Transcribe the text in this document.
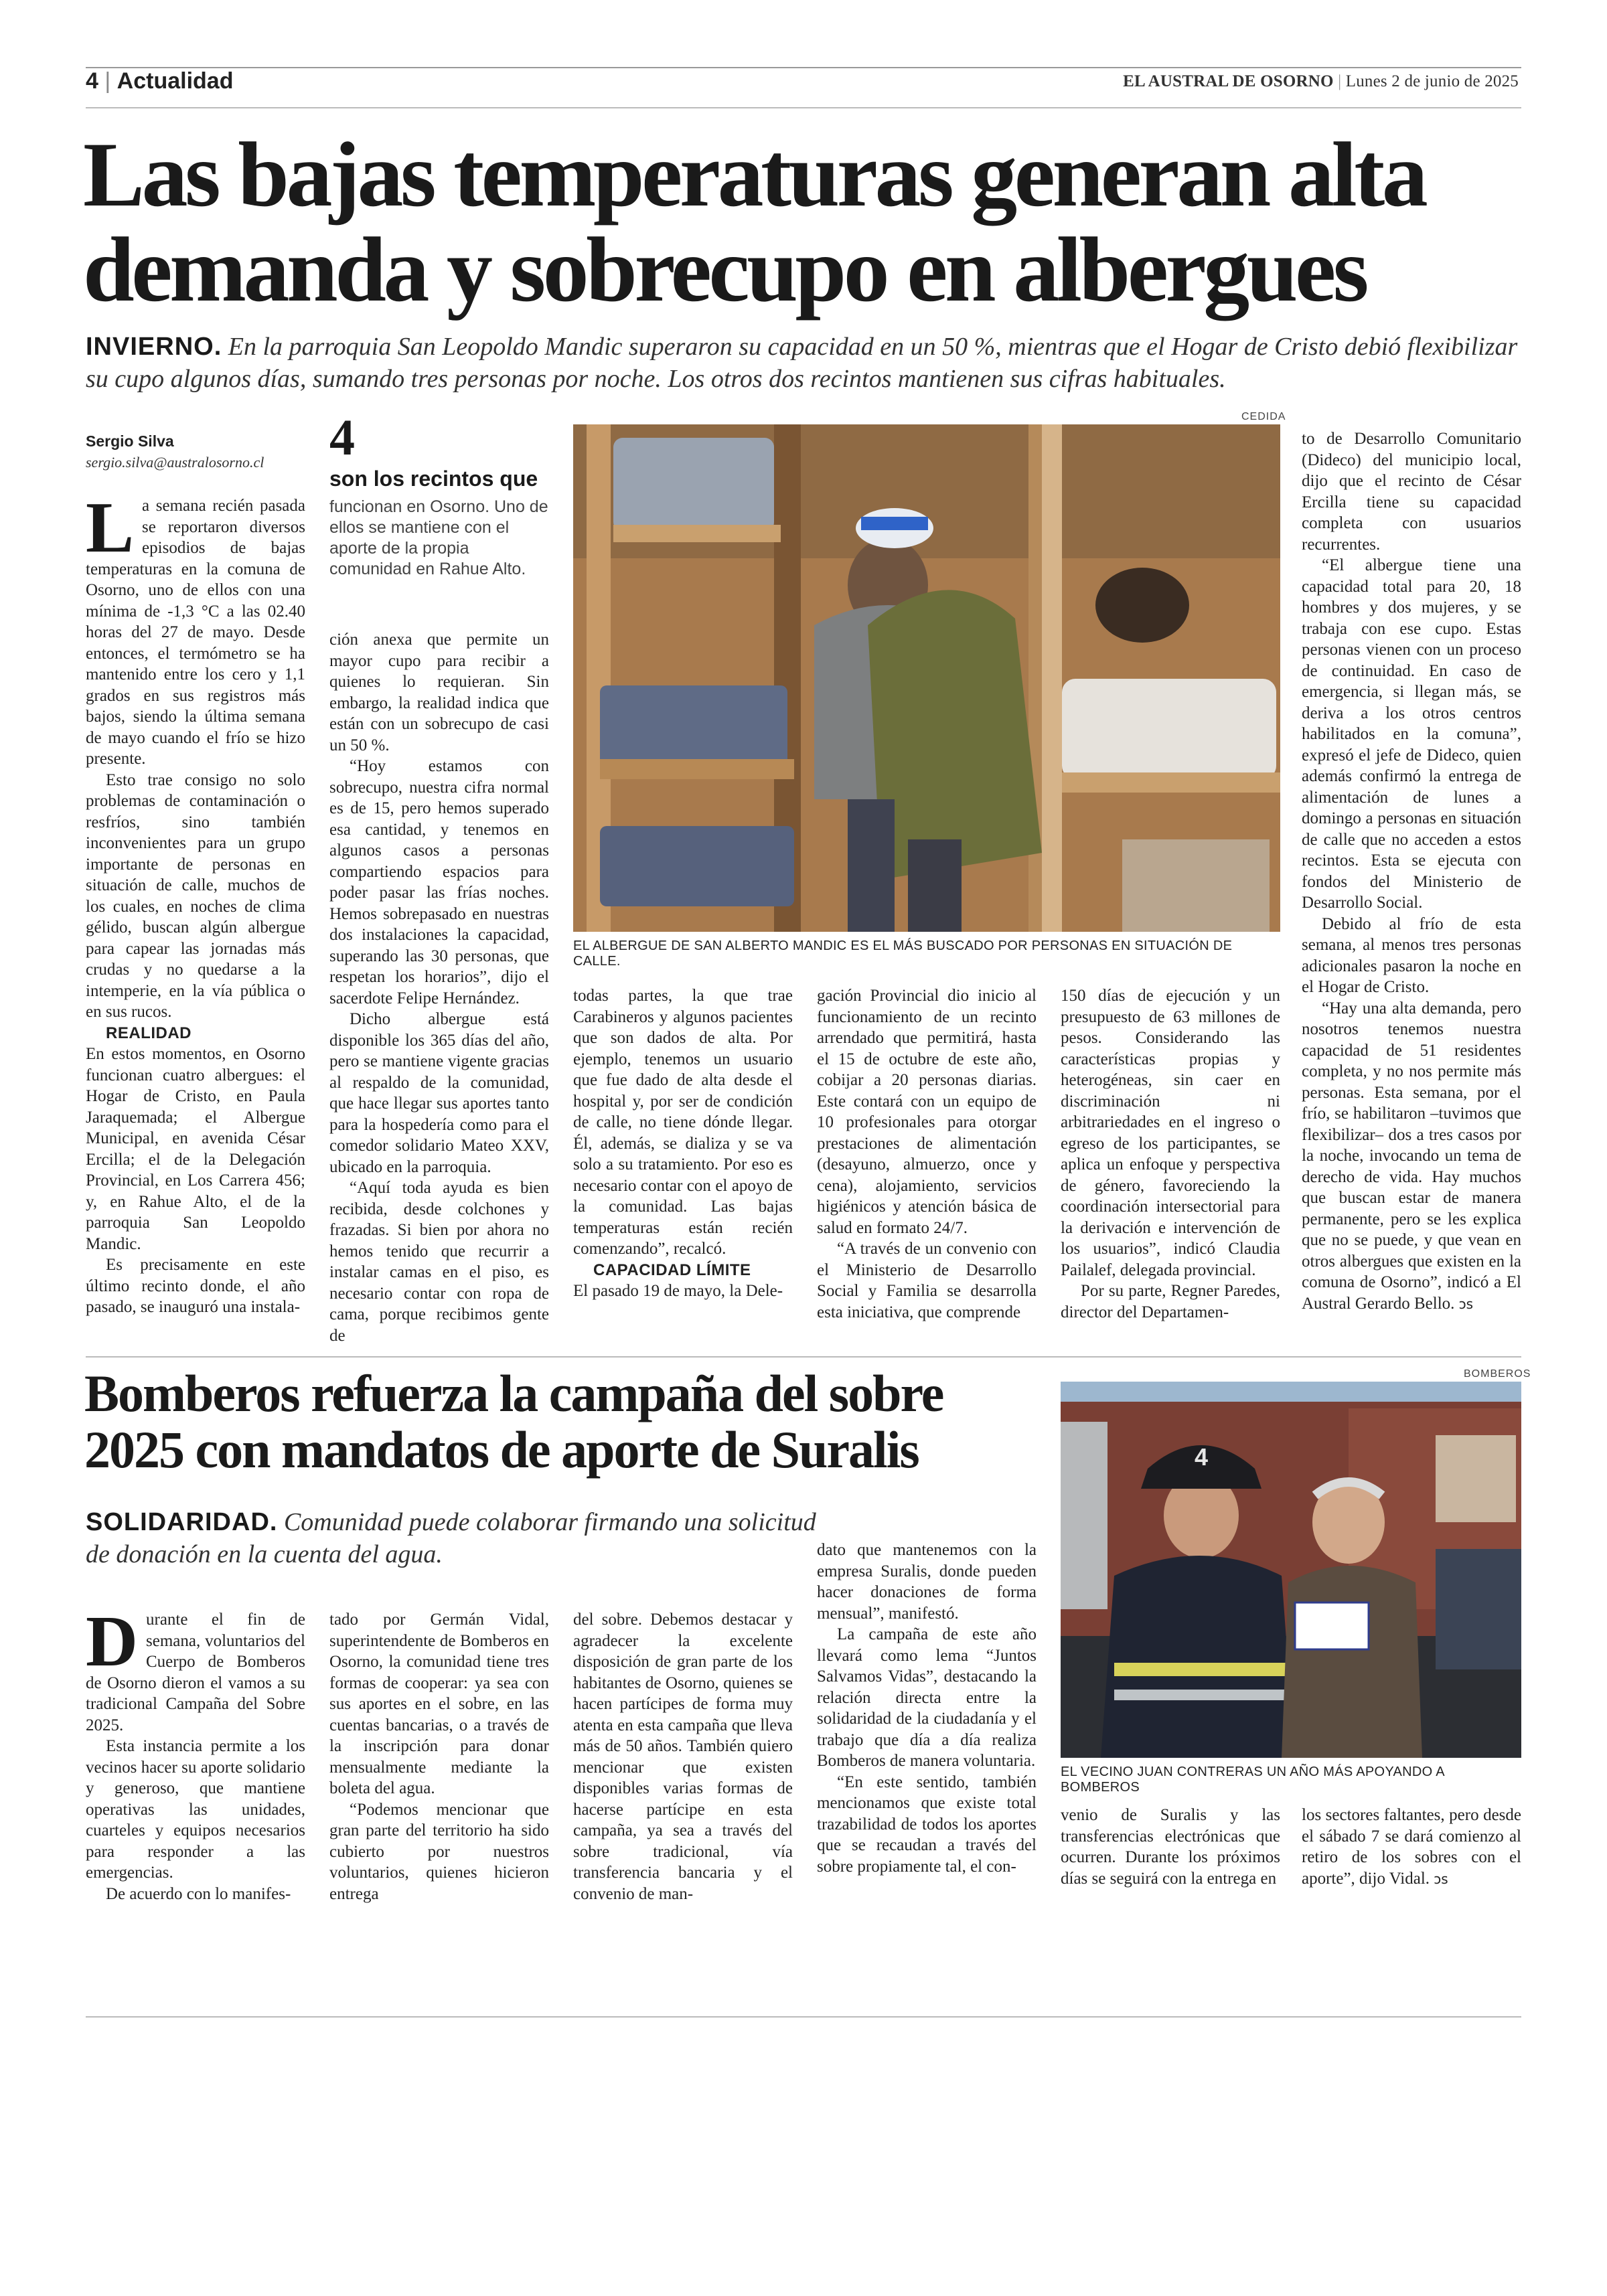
4 | Actualidad	EL AUSTRAL DE OSORNO | Lunes 2 de junio de 2025
Las bajas temperaturas generan alta
demanda y sobrecupo en albergues
INVIERNO. En la parroquia San Leopoldo Mandic superaron su capacidad en un 50 %, mientras que el Hogar de Cristo debió flexibilizar su cupo algunos días, sumando tres personas por noche. Los otros dos recintos mantienen sus cifras habituales.
Sergio Silva
sergio.silva@australosorno.cl 4
son los recintos que
funcionan en Osorno. Uno de ellos se mantiene con el aporte de la propia comunidad en Rahue Alto.
CEDIDA
EL ALBERGUE DE SAN ALBERTO MANDIC ES EL MÁS BUSCADO POR PERSONAS EN SITUACIÓN DE CALLE.

L a semana recién pasada se reportaron diversos episodios de bajas temperaturas en la comuna de Osorno, uno de ellos con una mínima de -1,3 °C a las 02.40 horas del 27 de mayo. Desde entonces, el termómetro se ha mantenido entre los cero y 1,1 grados en sus registros más bajos, siendo la última semana de mayo cuando el frío se hizo presente.

Esto trae consigo no solo problemas de contaminación o resfríos, sino también inconvenientes para un grupo importante de personas en situación de calle, muchos de los cuales, en noches de clima gélido, buscan algún albergue para capear las jornadas más crudas y no quedarse a la intemperie, en la vía pública o en sus rucos.

REALIDAD

En estos momentos, en Osorno funcionan cuatro albergues: el Hogar de Cristo, en Paula Jaraquemada; el Albergue Municipal, en avenida César Ercilla; el de la Delegación Provincial, en Los Carrera 456; y, en Rahue Alto, el de la parroquia San Leopoldo Mandic.

Es precisamente en este último recinto donde, el año pasado, se inauguró una instala-

ción anexa que permite un mayor cupo para recibir a quienes lo requieran. Sin embargo, la realidad indica que están con un sobrecupo de casi un 50 %.

“Hoy estamos con sobrecupo, nuestra cifra normal es de 15, pero hemos superado esa cantidad, y tenemos en algunos casos a personas compartiendo espacios para poder pasar las frías noches. Hemos sobrepasado en nuestras dos instalaciones la capacidad, superando las 30 personas, que respetan los horarios”, dijo el sacerdote Felipe Hernández.

Dicho albergue está disponible los 365 días del año, pero se mantiene vigente gracias al respaldo de la comunidad, que hace llegar sus aportes tanto para la hospedería como para el comedor solidario Mateo XXV, ubicado en la parroquia.

“Aquí toda ayuda es bien recibida, desde colchones y frazadas. Si bien por ahora no hemos tenido que recurrir a instalar camas en el piso, es necesario contar con ropa de cama, porque recibimos gente de

todas partes, la que trae Carabineros y algunos pacientes que son dados de alta. Por ejemplo, tenemos un usuario que fue dado de alta desde el hospital y, por ser de condición de calle, no tiene dónde llegar. Él, además, se dializa y se va solo a su tratamiento. Por eso es necesario contar con el apoyo de la comunidad. Las bajas temperaturas están recién comenzando”, recalcó.

CAPACIDAD LÍMITE

El pasado 19 de mayo, la Dele-

gación Provincial dio inicio al funcionamiento de un recinto arrendado que permitirá, hasta el 15 de octubre de este año, cobijar a 20 personas diarias. Este contará con un equipo de 10 profesionales para otorgar prestaciones de alimentación (desayuno, almuerzo, once y cena), alojamiento, servicios higiénicos y atención básica de salud en formato 24/7.

“A través de un convenio con el Ministerio de Desarrollo Social y Familia se desarrolla esta iniciativa, que comprende

150 días de ejecución y un presupuesto de 63 millones de pesos. Considerando las características propias y heterogéneas, sin caer en discriminación ni arbitrariedades en el ingreso o egreso de los participantes, se aplica un enfoque y perspectiva de género, favoreciendo la coordinación intersectorial para la derivación e intervención de los usuarios”, indicó Claudia Pailalef, delegada provincial.

Por su parte, Regner Paredes, director del Departamen-

to de Desarrollo Comunitario (Dideco) del municipio local, dijo que el recinto de César Ercilla tiene su capacidad completa con usuarios recurrentes.

“El albergue tiene una capacidad total para 20, 18 hombres y dos mujeres, y se trabaja con ese cupo. Estas personas vienen con un proceso de continuidad. En caso de emergencia, si llegan más, se deriva a los otros centros habilitados en la comuna”, expresó el jefe de Dideco, quien además confirmó la entrega de alimentación de lunes a domingo a personas en situación de calle que no acceden a estos recintos. Esta se ejecuta con fondos del Ministerio de Desarrollo Social.

Debido al frío de esta semana, al menos tres personas adicionales pasaron la noche en el Hogar de Cristo.

“Hay una alta demanda, pero nosotros tenemos nuestra capacidad de 51 residentes completa, y no nos permite más personas. Esta semana, por el frío, se habilitaron –tuvimos que flexibilizar– dos a tres casos por la noche, invocando un tema de derecho de vida. Hay muchos que buscan estar de manera permanente, pero se les explica que no se puede, y que vean en otros albergues que existen en la comuna de Osorno”, indicó a El Austral Gerardo Bello. ↄs

Bomberos refuerza la campaña del sobre
2025 con mandatos de aporte de Suralis
SOLIDARIDAD. Comunidad puede colaborar firmando una solicitud de donación en la cuenta del agua.
BOMBEROS
4
EL VECINO JUAN CONTRERAS UN AÑO MÁS APOYANDO A BOMBEROS

D urante el fin de semana, voluntarios del Cuerpo de Bomberos de Osorno dieron el vamos a su tradicional Campaña del Sobre 2025.

Esta instancia permite a los vecinos hacer su aporte solidario y generoso, que mantiene operativas las unidades, cuarteles y equipos necesarios para responder a las emergencias.

De acuerdo con lo manifes-

tado por Germán Vidal, superintendente de Bomberos en Osorno, la comunidad tiene tres formas de cooperar: ya sea con sus aportes en el sobre, en las cuentas bancarias, o a través de la inscripción para donar mensualmente mediante la boleta del agua.

“Podemos mencionar que gran parte del territorio ha sido cubierto por nuestros voluntarios, quienes hicieron entrega

del sobre. Debemos destacar y agradecer la excelente disposición de gran parte de los habitantes de Osorno, quienes se hacen partícipes de forma muy atenta en esta campaña que lleva más de 50 años. También quiero mencionar que existen disponibles varias formas de hacerse partícipe en esta campaña, ya sea a través del sobre tradicional, vía transferencia bancaria y el convenio de man-

dato que mantenemos con la empresa Suralis, donde pueden hacer donaciones de forma mensual”, manifestó.

La campaña de este año llevará como lema “Juntos Salvamos Vidas”, destacando la relación directa entre la solidaridad de la ciudadanía y el trabajo que día a día realiza Bomberos de manera voluntaria.

“En este sentido, también mencionamos que existe total trazabilidad de todos los aportes que se recaudan a través del sobre propiamente tal, el con-

venio de Suralis y las transferencias electrónicas que ocurren. Durante los próximos días se seguirá con la entrega en

los sectores faltantes, pero desde el sábado 7 se dará comienzo al retiro de los sobres con el aporte”, dijo Vidal. ↄs
